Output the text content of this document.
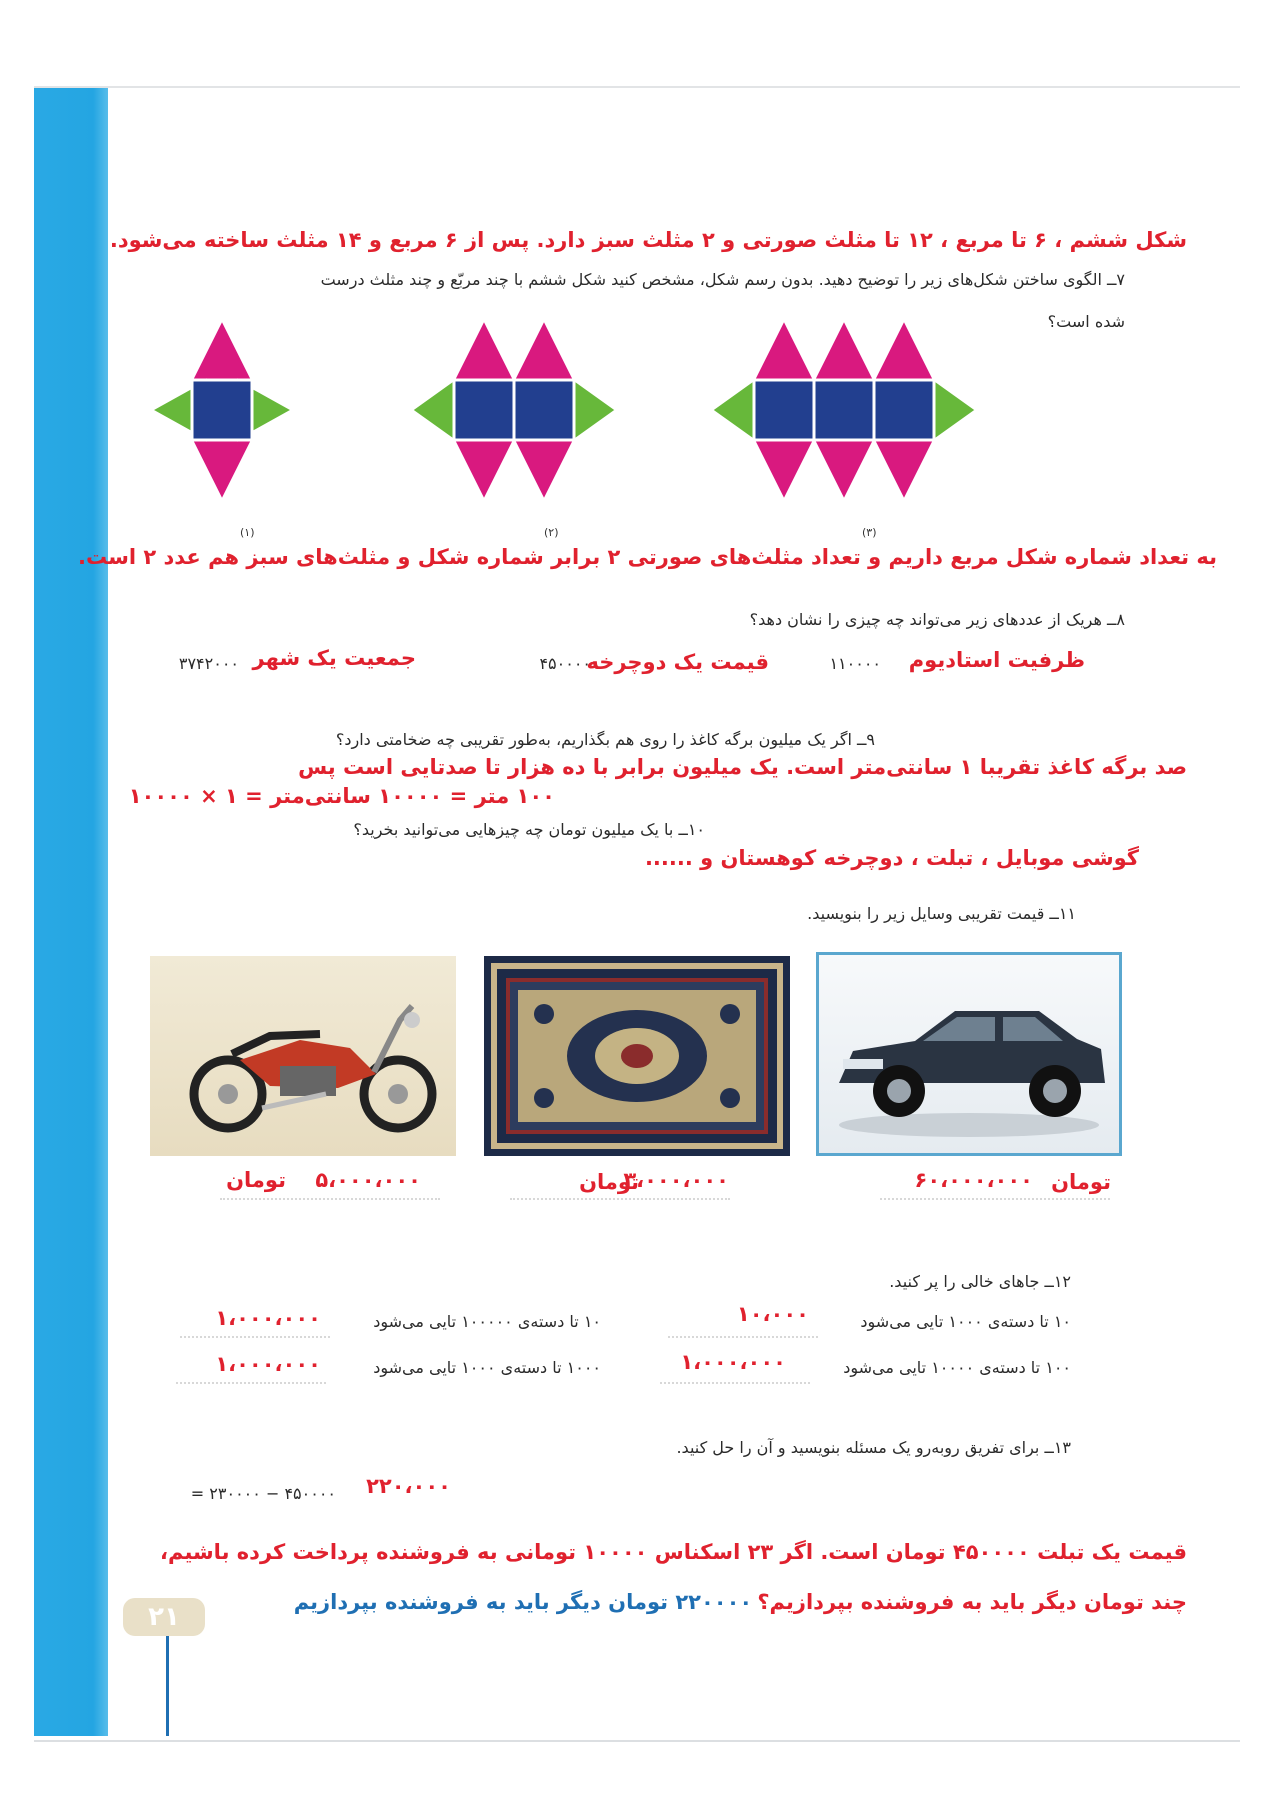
شکل ششم ، ۶ تا مربع ، ۱۲ تا مثلث صورتی و ۲ مثلث سبز دارد. پس از ۶ مربع و ۱۴ مثلث ساخته می‌شود.
۷ــ الگوی ساختن شکل‌های زیر را توضیح دهید. بدون رسم شکل، مشخص کنید شکل ششم با چند مربّع و چند مثلث درست
شده است؟
(۱)	(۲)	(۳)
به تعداد شماره شکل مربع داریم و تعداد مثلث‌های صورتی ۲ برابر شماره شکل و مثلث‌های سبز هم عدد ۲ است.
۸ــ هریک از عددهای زیر می‌تواند چه چیزی را نشان دهد؟
۱۱۰۰۰۰ ظرفیت استادیوم
۴۵۰۰۰۰
قیمت یک دوچرخه
۳۷۴۲۰۰۰ جمعیت یک شهر
۹ــ اگر یک میلیون برگه کاغذ را روی هم بگذاریم، به‌طور تقریبی چه ضخامتی دارد؟
صد برگه کاغذ تقریبا ۱ سانتی‌متر است. یک میلیون برابر با ده هزار تا صدتایی است پس
۱۰۰ متر = ۱۰۰۰۰ سانتی‌متر = ۱ × ۱۰۰۰۰
۱۰ــ با یک میلیون تومان چه چیزهایی می‌توانید بخرید؟
گوشی موبایل ، تبلت ، دوچرخه کوهستان و ......
۱۱ــ قیمت تقریبی وسایل زیر را بنویسید.
تومان
۶۰،۰۰۰،۰۰۰
تومان
۳،۰۰۰،۰۰۰
تومان ۵،۰۰۰،۰۰۰
۱۲ــ جاهای خالی را پر کنید.
۱۰ تا دسته‌ی ۱۰۰۰ تایی می‌شود
۱۰،۰۰۰
۱۰۰ تا دسته‌ی ۱۰۰۰۰ تایی می‌شود
۱،۰۰۰،۰۰۰
۱۰ تا دسته‌ی ۱۰۰۰۰۰ تایی می‌شود
۱،۰۰۰،۰۰۰
۱۰۰۰ تا دسته‌ی ۱۰۰۰ تایی می‌شود
۱،۰۰۰،۰۰۰
۱۳ــ برای تفریق روبه‌رو یک مسئله بنویسید و آن را حل کنید.
۴۵۰۰۰۰ − ۲۳۰۰۰۰ = ۲۲۰،۰۰۰
قیمت یک تبلت ۴۵۰۰۰۰ تومان است. اگر ۲۳ اسکناس ۱۰۰۰۰ تومانی به فروشنده پرداخت کرده باشیم،
چند تومان دیگر باید به فروشنده بپردازیم؟ ۲۲۰۰۰۰ تومان دیگر باید به فروشنده بپردازیم
۲۱
